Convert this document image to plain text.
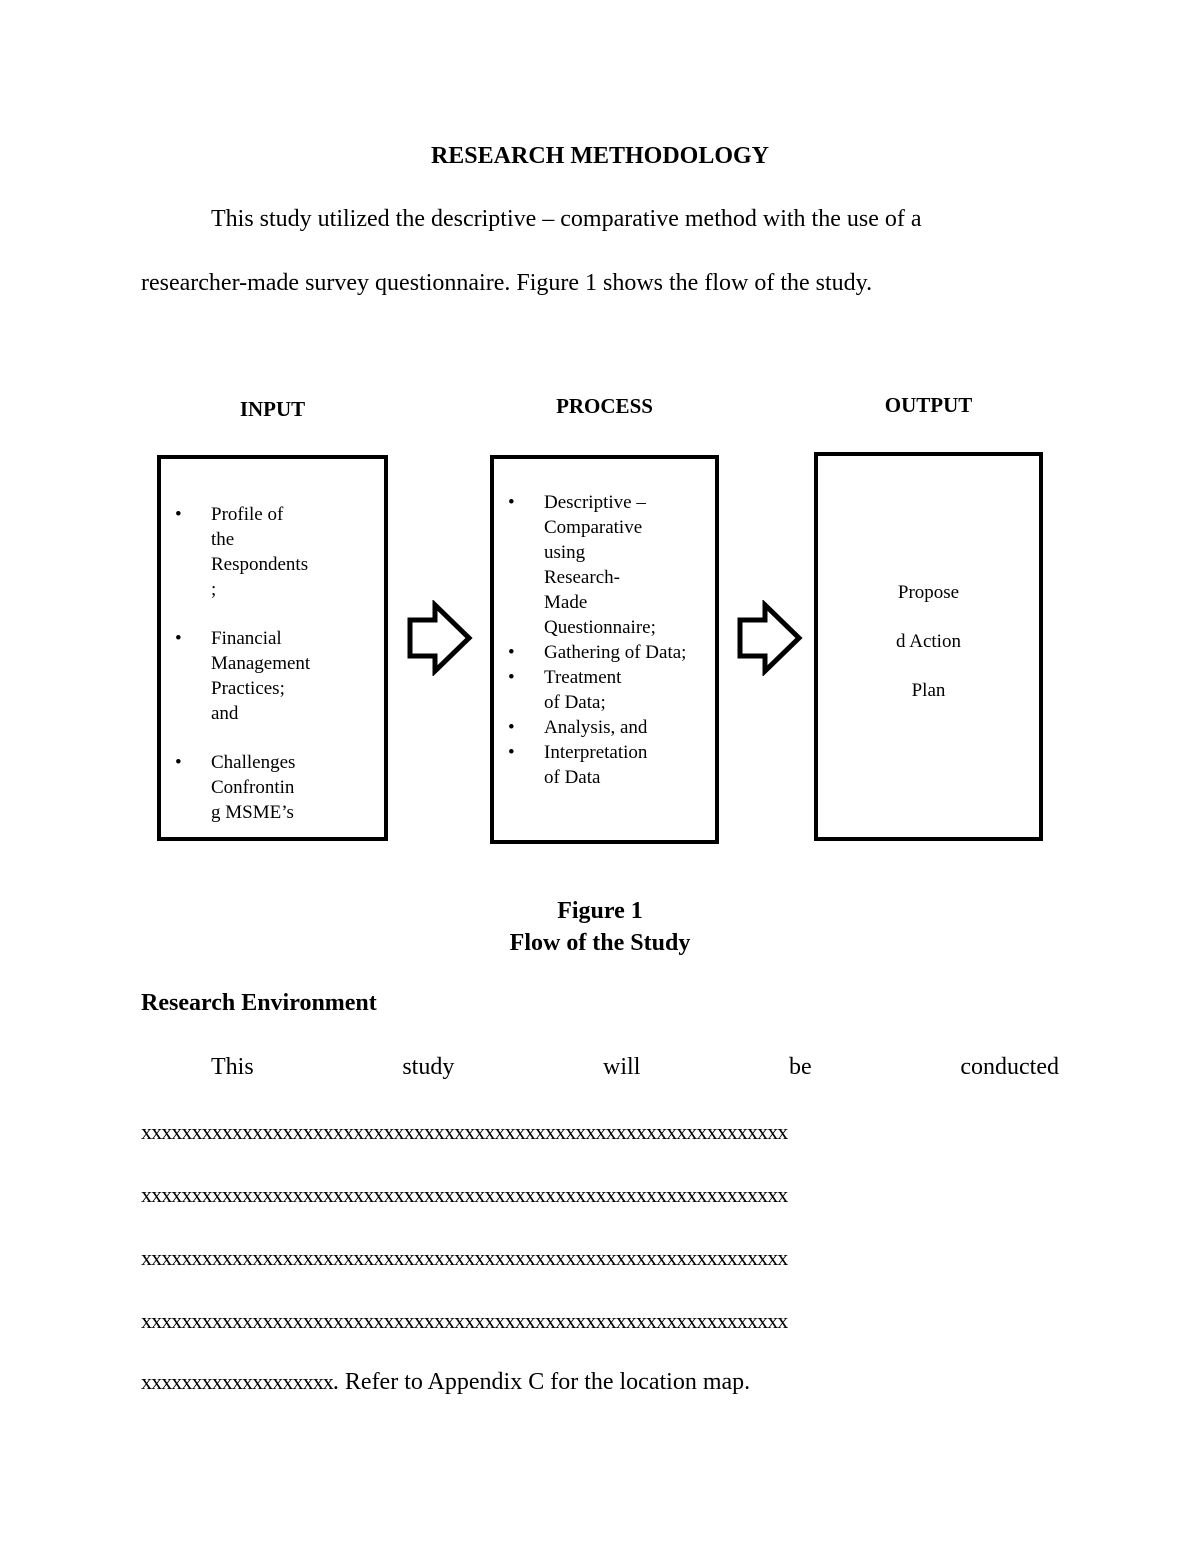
RESEARCH METHODOLOGY
This study utilized the descriptive – comparative method with the use of a
researcher-made survey questionnaire. Figure 1 shows the flow of the study.
INPUT	PROCESS	OUTPUT
• Profile of
the
Respondents
;
• Financial
Management
Practices;
and
• Challenges
Confrontin
g MSME’s
• Descriptive –
Comparative
using
Research-
Made
Questionnaire;
• Gathering of Data;
• Treatment
of Data;
• Analysis, and
• Interpretation
of Data
Propose
d Action
Plan
Figure 1
Flow of the Study
Research Environment
This	study	will	be	conducted
xxxxxxxxxxxxxxxxxxxxxxxxxxxxxxxxxxxxxxxxxxxxxxxxxxxxxxxxxxxxxxxx
xxxxxxxxxxxxxxxxxxxxxxxxxxxxxxxxxxxxxxxxxxxxxxxxxxxxxxxxxxxxxxxx
xxxxxxxxxxxxxxxxxxxxxxxxxxxxxxxxxxxxxxxxxxxxxxxxxxxxxxxxxxxxxxxx
xxxxxxxxxxxxxxxxxxxxxxxxxxxxxxxxxxxxxxxxxxxxxxxxxxxxxxxxxxxxxxxx
xxxxxxxxxxxxxxxxxxx. Refer to Appendix C for the location map.
